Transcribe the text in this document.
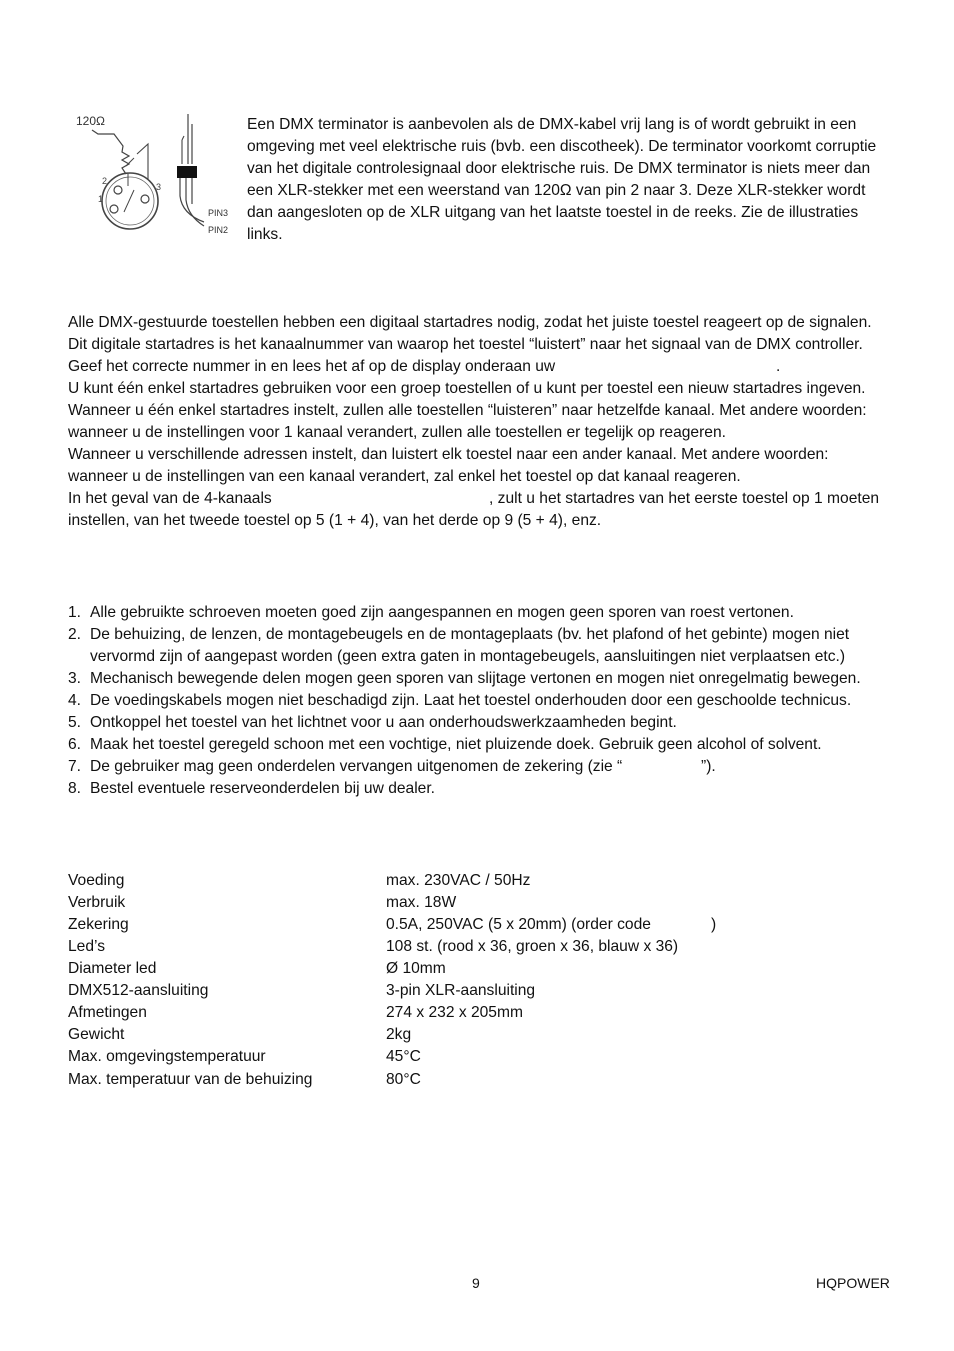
120Ω
2
1
3
PIN3
PIN2
Een DMX terminator is aanbevolen als de DMX-kabel vrij lang is of wordt gebruikt in een
omgeving met veel elektrische ruis (bvb. een discotheek). De terminator voorkomt corruptie
van het digitale controlesignaal door elektrische ruis. De DMX terminator is niets meer dan
een XLR-stekker met een weerstand van 120Ω van pin 2 naar 3. Deze XLR-stekker wordt
dan aangesloten op de XLR uitgang van het laatste toestel in de reeks. Zie de illustraties
links.
Alle DMX-gestuurde toestellen hebben een digitaal startadres nodig, zodat het juiste toestel reageert op de signalen.
Dit digitale startadres is het kanaalnummer van waarop het toestel “luistert” naar het signaal van de DMX controller.
Geef het correcte nummer in en lees het af op de display onderaan uw	.
U kunt één enkel startadres gebruiken voor een groep toestellen of u kunt per toestel een nieuw startadres ingeven.
Wanneer u één enkel startadres instelt, zullen alle toestellen “luisteren” naar hetzelfde kanaal. Met andere woorden:
wanneer u de instellingen voor 1 kanaal verandert, zullen alle toestellen er tegelijk op reageren.
Wanneer u verschillende adressen instelt, dan luistert elk toestel naar een ander kanaal. Met andere woorden:
wanneer u de instellingen van een kanaal verandert, zal enkel het toestel op dat kanaal reageren.
In het geval van de 4-kanaals	, zult u het startadres van het eerste toestel op 1 moeten
instellen, van het tweede toestel op 5 (1 + 4), van het derde op 9 (5 + 4), enz.
1. Alle gebruikte schroeven moeten goed zijn aangespannen en mogen geen sporen van roest vertonen.
2. De behuizing, de lenzen, de montagebeugels en de montageplaats (bv. het plafond of het gebinte) mogen niet
vervormd zijn of aangepast worden (geen extra gaten in montagebeugels, aansluitingen niet verplaatsen etc.)
3. Mechanisch bewegende delen mogen geen sporen van slijtage vertonen en mogen niet onregelmatig bewegen.
4. De voedingskabels mogen niet beschadigd zijn. Laat het toestel onderhouden door een geschoolde technicus.
5. Ontkoppel het toestel van het lichtnet voor u aan onderhoudswerkzaamheden begint.
6. Maak het toestel geregeld schoon met een vochtige, niet pluizende doek. Gebruik geen alcohol of solvent.
7. De gebruiker mag geen onderdelen vervangen uitgenomen de zekering (zie “	”).
8. Bestel eventuele reserveonderdelen bij uw dealer.
Voeding	max. 230VAC / 50Hz
Verbruik	max. 18W
Zekering	0.5A, 250VAC (5 x 20mm) (order code	)
Led’s	108 st. (rood x 36, groen x 36, blauw x 36)
Diameter led	Ø 10mm
DMX512-aansluiting	3-pin XLR-aansluiting
Afmetingen	274 x 232 x 205mm
Gewicht	2kg
Max. omgevingstemperatuur	45°C
Max. temperatuur van de behuizing	80°C
9	HQPOWER
